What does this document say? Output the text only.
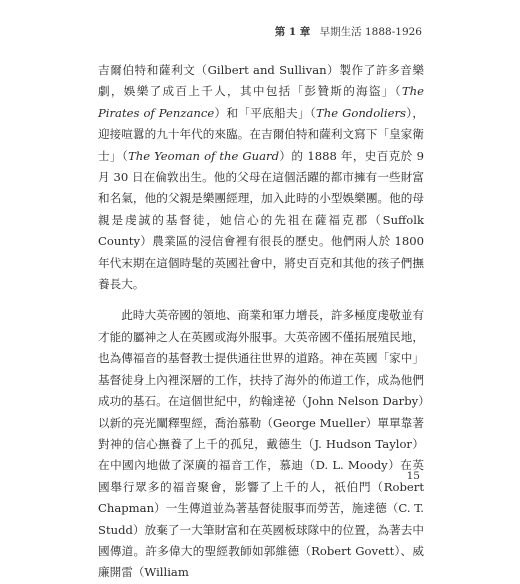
第 1 章 早期生活 1888-1926

吉爾伯特和薩利文（Gilbert and Sullivan）製作了許多音樂劇，娛樂了成百上千人，其中包括「彭贊斯的海盜」（The Pirates of Penzance）和「平底船夫」（The Gondoliers），迎接喧囂的九十年代的來臨。在吉爾伯特和薩利文寫下「皇家衛士」（The Yeoman of the Guard）的 1888 年，史百克於 9 月 30 日在倫敦出生。他的父母在這個活躍的都市擁有一些財富和名氣，他的父親是樂團經理，加入此時的小型娛樂團。他的母親是虔誠的基督徒，她信心的先祖在薩福克郡（Suffolk County）農業區的浸信會裡有很長的歷史。他們兩人於 1800 年代末期在這個時髦的英國社會中，將史百克和其他的孩子們撫養長大。

此時大英帝國的領地、商業和軍力增長，許多極度虔敬並有才能的屬神之人在英國或海外服事。大英帝國不僅拓展殖民地，也為傳福音的基督教士提供通往世界的道路。神在英國「家中」基督徒身上內裡深層的工作，扶持了海外的佈道工作，成為他們成功的基石。在這個世紀中，約翰達祕（John Nelson Darby）以新的亮光闡釋聖經，喬治慕勒（George Mueller）單單靠著對神的信心撫養了上千的孤兒，戴德生（J. Hudson Taylor）在中國內地做了深廣的福音工作，慕迪（D. L. Moody）在英國舉行眾多的福音聚會，影響了上千的人，祇伯門（Robert Chapman）一生傳道並為著基督徒服事而勞苦，施達德（C. T. Studd）放棄了一大筆財富和在英國板球隊中的位置，為著去中國傳道。許多偉大的聖經教師如郭維德（Robert Govett）、威廉開雷（William

15
